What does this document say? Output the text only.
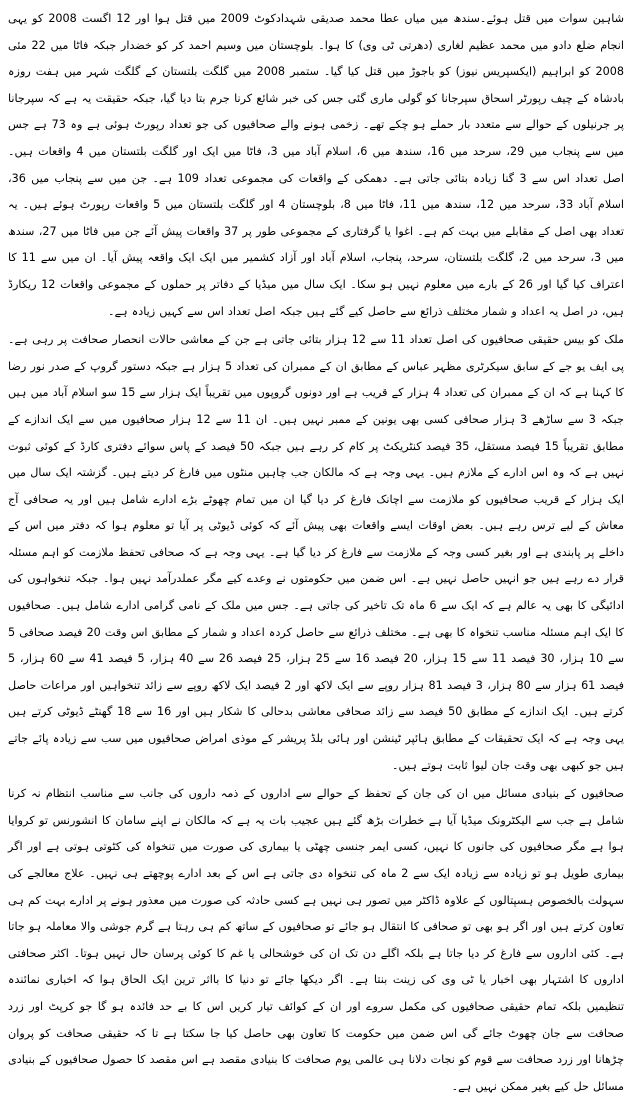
شاہین سوات میں قتل ہوئے۔سندھ میں میاں عطا محمد صدیقی شہدادکوٹ 2009 میں قتل ہوا اور 12 اگست 2008 کو یہی انجام ضلع دادو میں محمد عظیم لغاری (دھرتی ٹی وی) کا ہوا۔ بلوچستان میں وسیم احمد کر کو خضدار جبکہ فاٹا میں 22 مئی 2008 کو ابراہیم (ایکسپریس نیوز) کو باجوڑ میں قتل کیا گیا۔ ستمبر 2008 میں گلگت بلتستان کے گلگت شہر میں ہفت روزہ بادشاہ کے چیف رپورٹر اسحاق سپرجانا کو گولی ماری گئی جس کی خبر شائع کرنا جرم بتا دیا گیا، جبکہ حقیقت یہ ہے کہ سپرجانا پر جرنیلوں کے حوالے سے متعدد بار حملے ہو چکے تھے۔ زخمی ہونے والے صحافیوں کی جو تعداد رپورٹ ہوئی ہے وہ 73 ہے جس میں سے پنجاب میں 29، سرحد میں 16، سندھ میں 6، اسلام آباد میں 3، فاٹا میں ایک اور گلگت بلتستان میں 4 واقعات ہیں۔ اصل تعداد اس سے 3 گنا زیادہ بتائی جاتی ہے۔ دھمکی کے واقعات کی مجموعی تعداد 109 ہے۔ جن میں سے پنجاب میں 36، اسلام آباد 33، سرحد میں 12، سندھ میں 11، فاٹا میں 8، بلوچستان 4 اور گلگت بلتستان میں 5 واقعات رپورٹ ہوئے ہیں۔ یہ تعداد بھی اصل کے مقابلے میں بہت کم ہے۔ اغوا یا گرفتاری کے مجموعی طور پر 37 واقعات پیش آئے جن میں فاٹا میں 27، سندھ میں 3، سرحد میں 2، گلگت بلتستان، سرحد، پنجاب، اسلام آباد اور آزاد کشمیر میں ایک ایک واقعہ پیش آیا۔ ان میں سے 11 کا اعتراف کیا گیا اور 26 کے بارے میں معلوم نہیں ہو سکا۔ ایک سال میں میڈیا کے دفاتر پر حملوں کے مجموعی واقعات 12 ریکارڈ ہیں، در اصل یہ اعداد و شمار مختلف ذرائع سے حاصل کیے گئے ہیں جبکہ اصل تعداد اس سے کہیں زیادہ ہے۔

ملک کو بیس حقیقی صحافیوں کی اصل تعداد 11 سے 12 ہزار بتائی جاتی ہے جن کے معاشی حالات انحصار صحافت پر رہی ہے۔ پی ایف یو جے کے سابق سیکرٹری مظہر عباس کے مطابق ان کے ممبران کی تعداد 5 ہزار ہے جبکہ دستور گروپ کے صدر نور رضا کا کہنا ہے کہ ان کے ممبران کی تعداد 4 ہزار کے قریب ہے اور دونوں گروپوں میں تقریباً ایک ہزار سے 15 سو اسلام آباد میں ہیں جبکہ 3 سے ساڑھے 3 ہزار صحافی کسی بھی یونین کے ممبر نہیں ہیں۔ ان 11 سے 12 ہزار صحافیوں میں سے ایک اندازے کے مطابق تقریباً 15 فیصد مستقل، 35 فیصد کنٹریکٹ پر کام کر رہے ہیں جبکہ 50 فیصد کے پاس سوائے دفتری کارڈ کے کوئی ثبوت نہیں ہے کہ وہ اس ادارے کے ملازم ہیں۔ یہی وجہ ہے کہ مالکان جب چاہیں منٹوں میں فارغ کر دیتے ہیں۔ گزشتہ ایک سال میں ایک ہزار کے قریب صحافیوں کو ملازمت سے اچانک فارغ کر دیا گیا ان میں تمام چھوٹے بڑے ادارے شامل ہیں اور یہ صحافی آج معاش کے لیے ترس رہے ہیں۔ بعض اوقات ایسے واقعات بھی پیش آئے کہ کوئی ڈیوٹی پر آیا تو معلوم ہوا کہ دفتر میں اس کے داخلے پر پابندی ہے اور بغیر کسی وجہ کے ملازمت سے فارغ کر دیا گیا ہے۔ یہی وجہ ہے کہ صحافی تحفظ ملازمت کو اہم مسئلہ قرار دے رہے ہیں جو انہیں حاصل نہیں ہے۔ اس ضمن میں حکومتوں نے وعدے کیے مگر عملدرآمد نہیں ہوا۔ جبکہ تنخواہوں کی ادائیگی کا بھی یہ عالم ہے کہ ایک سے 6 ماہ تک تاخیر کی جاتی ہے۔ جس میں ملک کے نامی گرامی ادارے شامل ہیں۔ صحافیوں کا ایک اہم مسئلہ مناسب تنخواہ کا بھی ہے۔ مختلف ذرائع سے حاصل کردہ اعداد و شمار کے مطابق اس وقت 20 فیصد صحافی 5 سے 10 ہزار، 30 فیصد 11 سے 15 ہزار، 20 فیصد 16 سے 25 ہزار، 25 فیصد 26 سے 40 ہزار، 5 فیصد 41 سے 60 ہزار، 5 فیصد 61 ہزار سے 80 ہزار، 3 فیصد 81 ہزار روپے سے ایک لاکھ اور 2 فیصد ایک لاکھ روپے سے زائد تنخواہیں اور مراعات حاصل کرتے ہیں۔ ایک اندازے کے مطابق 50 فیصد سے زائد صحافی معاشی بدحالی کا شکار ہیں اور 16 سے 18 گھنٹے ڈیوٹی کرتے ہیں یہی وجہ ہے کہ ایک تحقیقات کے مطابق ہائپر ٹینشن اور ہائی بلڈ پریشر کے موذی امراض صحافیوں میں سب سے زیادہ پائے جاتے ہیں جو کبھی بھی وقت جان لیوا ثابت ہوتے ہیں۔

صحافیوں کے بنیادی مسائل میں ان کی جان کے تحفظ کے حوالے سے اداروں کے ذمہ داروں کی جانب سے مناسب انتظام نہ کرنا شامل ہے جب سے الیکٹرونک میڈیا آیا ہے خطرات بڑھ گئے ہیں عجیب بات یہ ہے کہ مالکان نے اپنے سامان کا انشورنس تو کروایا ہوا ہے مگر صحافیوں کی جانوں کا نہیں، کسی ایمر جنسی چھٹی یا بیماری کی صورت میں تنخواہ کی کٹوتی ہوتی ہے اور اگر بیماری طویل ہو تو زیادہ سے زیادہ ایک سے 2 ماہ کی تنخواہ دی جاتی ہے اس کے بعد ادارے پوچھتے ہی نہیں۔ علاج معالجے کی سہولت بالخصوص ہسپتالوں کے علاوہ ڈاکٹر میں تصور ہی نہیں ہے کسی حادثہ کی صورت میں معذور ہونے پر ادارے بہت کم ہی تعاون کرتے ہیں اور اگر ہو بھی تو صحافی کا انتقال ہو جائے تو صحافیوں کے ساتھ کم ہی رہتا ہے گرم جوشی والا معاملہ ہو جاتا ہے۔ کئی اداروں سے فارغ کر دیا جاتا ہے بلکہ اگلے دن تک ان کی خوشحالی یا غم کا کوئی پرسان حال نہیں ہوتا۔ اکثر صحافتی اداروں کا اشتہار بھی اخبار یا ٹی وی کی زینت بنتا ہے۔ اگر دیکھا جائے تو دنیا کا بااثر ترین ایک الحاق ہوا کہ اخباری نمائندہ تنظیمیں بلکہ تمام حقیقی صحافیوں کی مکمل سروے اور ان کے کوائف تیار کریں اس کا بے حد فائدہ ہو گا جو کرپٹ اور زرد صحافت سے جان چھوٹ جائے گی اس ضمن میں حکومت کا تعاون بھی حاصل کیا جا سکتا ہے تا کہ حقیقی صحافت کو پروان چڑھانا اور زرد صحافت سے قوم کو نجات دلانا ہی عالمی یوم صحافت کا بنیادی مقصد ہے اس مقصد کا حصول صحافیوں کے بنیادی مسائل حل کیے بغیر ممکن نہیں ہے۔
